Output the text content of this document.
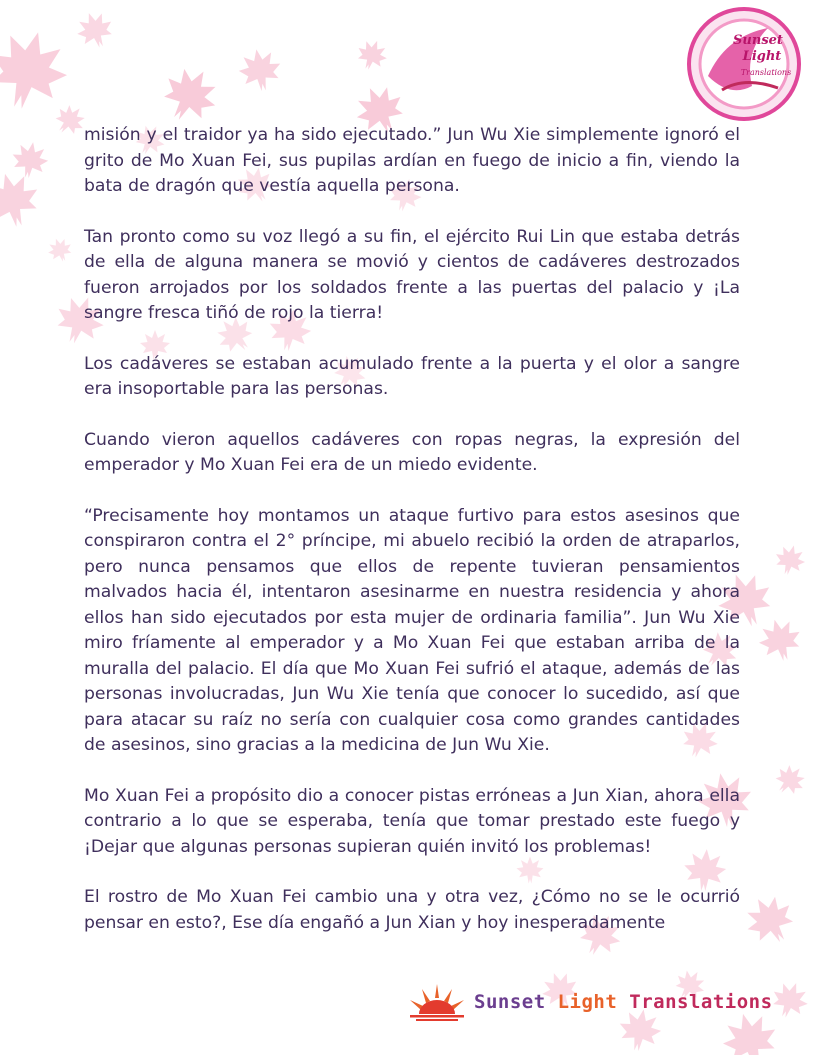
Sunset
Light
Translations

misión y el traidor ya ha sido ejecutado.” Jun Wu Xie simplemente ignoró el grito de Mo Xuan Fei, sus pupilas ardían en fuego de inicio a fin, viendo la bata de dragón que vestía aquella persona.

Tan pronto como su voz llegó a su fin, el ejército Rui Lin que estaba detrás de ella de alguna manera se movió y cientos de cadáveres destrozados fueron arrojados por los soldados frente a las puertas del palacio y ¡La sangre fresca tiñó de rojo la tierra!

Los cadáveres se estaban acumulado frente a la puerta y el olor a sangre era insoportable para las personas.

Cuando vieron aquellos cadáveres con ropas negras, la expresión del emperador y Mo Xuan Fei era de un miedo evidente.

“Precisamente hoy montamos un ataque furtivo para estos asesinos que conspiraron contra el 2° príncipe, mi abuelo recibió la orden de atraparlos, pero nunca pensamos que ellos de repente tuvieran pensamientos malvados hacia él, intentaron asesinarme en nuestra residencia y ahora ellos han sido ejecutados por esta mujer de ordinaria familia”. Jun Wu Xie miro fríamente al emperador y a Mo Xuan Fei que estaban arriba de la muralla del palacio. El día que Mo Xuan Fei sufrió el ataque, además de las personas involucradas, Jun Wu Xie tenía que conocer lo sucedido, así que para atacar su raíz no sería con cualquier cosa como grandes cantidades de asesinos, sino gracias a la medicina de Jun Wu Xie.

Mo Xuan Fei a propósito dio a conocer pistas erróneas a Jun Xian, ahora ella contrario a lo que se esperaba, tenía que tomar prestado este fuego y ¡Dejar que algunas personas supieran quién invitó los problemas!

El rostro de Mo Xuan Fei cambio una y otra vez, ¿Cómo no se le ocurrió pensar en esto?, Ese día engañó a Jun Xian y hoy inesperadamente

Sunset Light Translations
